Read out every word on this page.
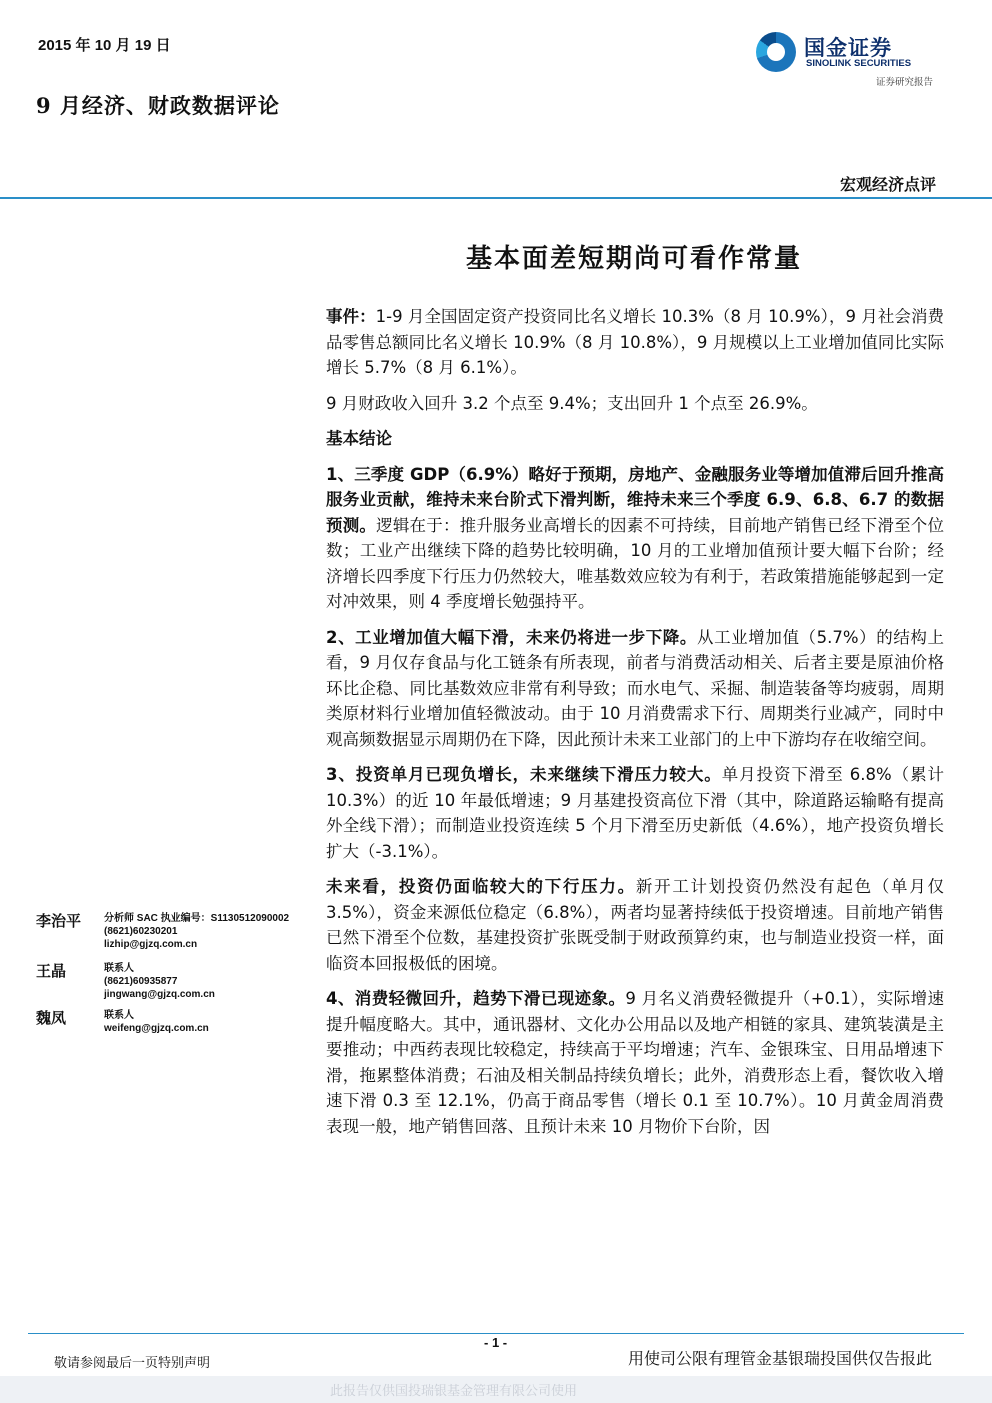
2015 年 10 月 19 日
9 月经济、财政数据评论
国金证券
SINOLINK SECURITIES
证券研究报告
宏观经济点评
基本面差短期尚可看作常量

事件：1-9 月全国固定资产投资同比名义增长 10.3%（8 月 10.9%），9 月社会消费品零售总额同比名义增长 10.9%（8 月 10.8%），9 月规模以上工业增加值同比实际增长 5.7%（8 月 6.1%）。

9 月财政收入回升 3.2 个点至 9.4%；支出回升 1 个点至 26.9%。

基本结论

1、三季度 GDP（6.9%）略好于预期，房地产、金融服务业等增加值滞后回升推高服务业贡献，维持未来台阶式下滑判断，维持未来三个季度 6.9、6.8、6.7 的数据预测。逻辑在于：推升服务业高增长的因素不可持续，目前地产销售已经下滑至个位数；工业产出继续下降的趋势比较明确，10 月的工业增加值预计要大幅下台阶；经济增长四季度下行压力仍然较大，唯基数效应较为有利于，若政策措施能够起到一定对冲效果，则 4 季度增长勉强持平。

2、工业增加值大幅下滑，未来仍将进一步下降。从工业增加值（5.7%）的结构上看，9 月仅存食品与化工链条有所表现，前者与消费活动相关、后者主要是原油价格环比企稳、同比基数效应非常有利导致；而水电气、采掘、制造装备等均疲弱，周期类原材料行业增加值轻微波动。由于 10 月消费需求下行、周期类行业减产，同时中观高频数据显示周期仍在下降，因此预计未来工业部门的上中下游均存在收缩空间。

3、投资单月已现负增长，未来继续下滑压力较大。单月投资下滑至 6.8%（累计 10.3%）的近 10 年最低增速；9 月基建投资高位下滑（其中，除道路运输略有提高外全线下滑）；而制造业投资连续 5 个月下滑至历史新低（4.6%），地产投资负增长扩大（-3.1%）。

未来看，投资仍面临较大的下行压力。新开工计划投资仍然没有起色（单月仅 3.5%），资金来源低位稳定（6.8%），两者均显著持续低于投资增速。目前地产销售已然下滑至个位数，基建投资扩张既受制于财政预算约束，也与制造业投资一样，面临资本回报极低的困境。

4、消费轻微回升，趋势下滑已现迹象。9 月名义消费轻微提升（+0.1），实际增速提升幅度略大。其中，通讯器材、文化办公用品以及地产相链的家具、建筑装潢是主要推动；中西药表现比较稳定，持续高于平均增速；汽车、金银珠宝、日用品增速下滑，拖累整体消费；石油及相关制品持续负增长；此外，消费形态上看，餐饮收入增速下滑 0.3 至 12.1%，仍高于商品零售（增长 0.1 至 10.7%）。10 月黄金周消费表现一般，地产销售回落、且预计未来 10 月物价下台阶，因

李治平 分析师 SAC 执业编号：S1130512090002
(8621)60230201
lizhip@gjzq.com.cn
王晶	联系人
(8621)60935877
jingwang@gjzq.com.cn
魏凤	联系人
weifeng@gjzq.com.cn
- 1 -
敬请参阅最后一页特别声明	用使司公限有理管金基银瑞投国供仅告报此
此报告仅供国投瑞银基金管理有限公司使用
